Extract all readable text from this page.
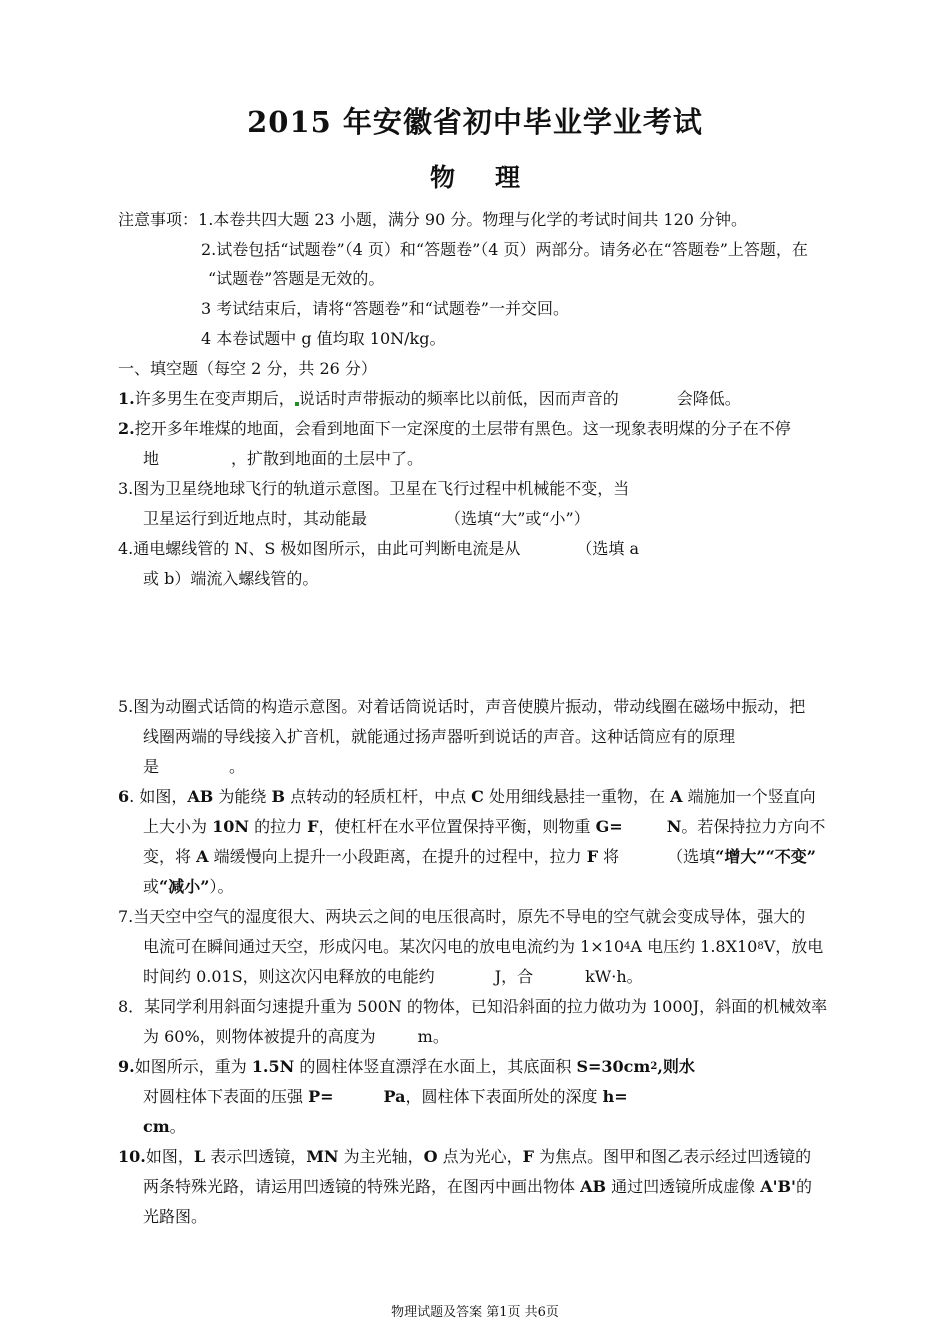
2015 年安徽省初中毕业学业考试
物理
注意事项：1.本卷共四大题 23 小题，满分 90 分。物理与化学的考试时间共 120 分钟。
2.试卷包括“试题卷”（4 页）和“答题卷”（4 页）两部分。请务必在“答题卷”上答题，在
“试题卷”答题是无效的。
3 考试结束后，请将“答题卷”和“试题卷”一并交回。
4 本卷试题中 g 值均取 10N/kg。
一、填空题（每空 2 分，共 26 分）
1.许多男生在变声期后， 说话时声带振动的频率比以前低，因而声音的	会降低。
2.挖开多年堆煤的地面，会看到地面下一定深度的土层带有黑色。这一现象表明煤的分子在不停
地	，扩散到地面的土层中了。
3.图为卫星绕地球飞行的轨道示意图。卫星在飞行过程中机械能不变，当
卫星运行到近地点时，其动能最	（选填“大”或“小”）
4.通电螺线管的 N、S 极如图所示，由此可判断电流是从	（选填 a
或 b）端流入螺线管的。
5.图为动圈式话筒的构造示意图。对着话筒说话时，声音使膜片振动，带动线圈在磁场中振动，把
线圈两端的导线接入扩音机，就能通过扬声器听到说话的声音。这种话筒应有的原理
是	。
6. 如图，AB 为能绕 B 点转动的轻质杠杆，中点 C 处用细线悬挂一重物，在 A 端施加一个竖直向
上大小为 10N 的拉力 F，使杠杆在水平位置保持平衡，则物重 G=	N。若保持拉力方向不
变，将 A 端缓慢向上提升一小段距离，在提升的过程中，拉力 F 将	（选填“增大”“不变”
或“减小”）。
7.当天空中空气的湿度很大、两块云之间的电压很高时，原先不导电的空气就会变成导体，强大的
电流可在瞬间通过天空，形成闪电。某次闪电的放电电流约为 $1\times 10^4A$ 电压约 $1.8X10^8V$，放电
时间约 0.01S，则这次闪电释放的电能约	J，合	kW·h。
8．某同学利用斜面匀速提升重为 500N 的物体，已知沿斜面的拉力做功为 1000J，斜面的机械效率
为 60%，则物体被提升的高度为	m。
9.如图所示，重为 1.5N 的圆柱体竖直漂浮在水面上，其底面积 $S=30cm^2$,则水
对圆柱体下表面的压强 P=	Pa，圆柱体下表面所处的深度 h=
cm。
10.如图，L 表示凹透镜，MN 为主光轴，O 点为光心，F 为焦点。图甲和图乙表示经过凹透镜的
两条特殊光路，请运用凹透镜的特殊光路，在图丙中画出物体 AB 通过凹透镜所成虚像 A'B'的
光路图。
物理试题及答案 第1页 共6页
